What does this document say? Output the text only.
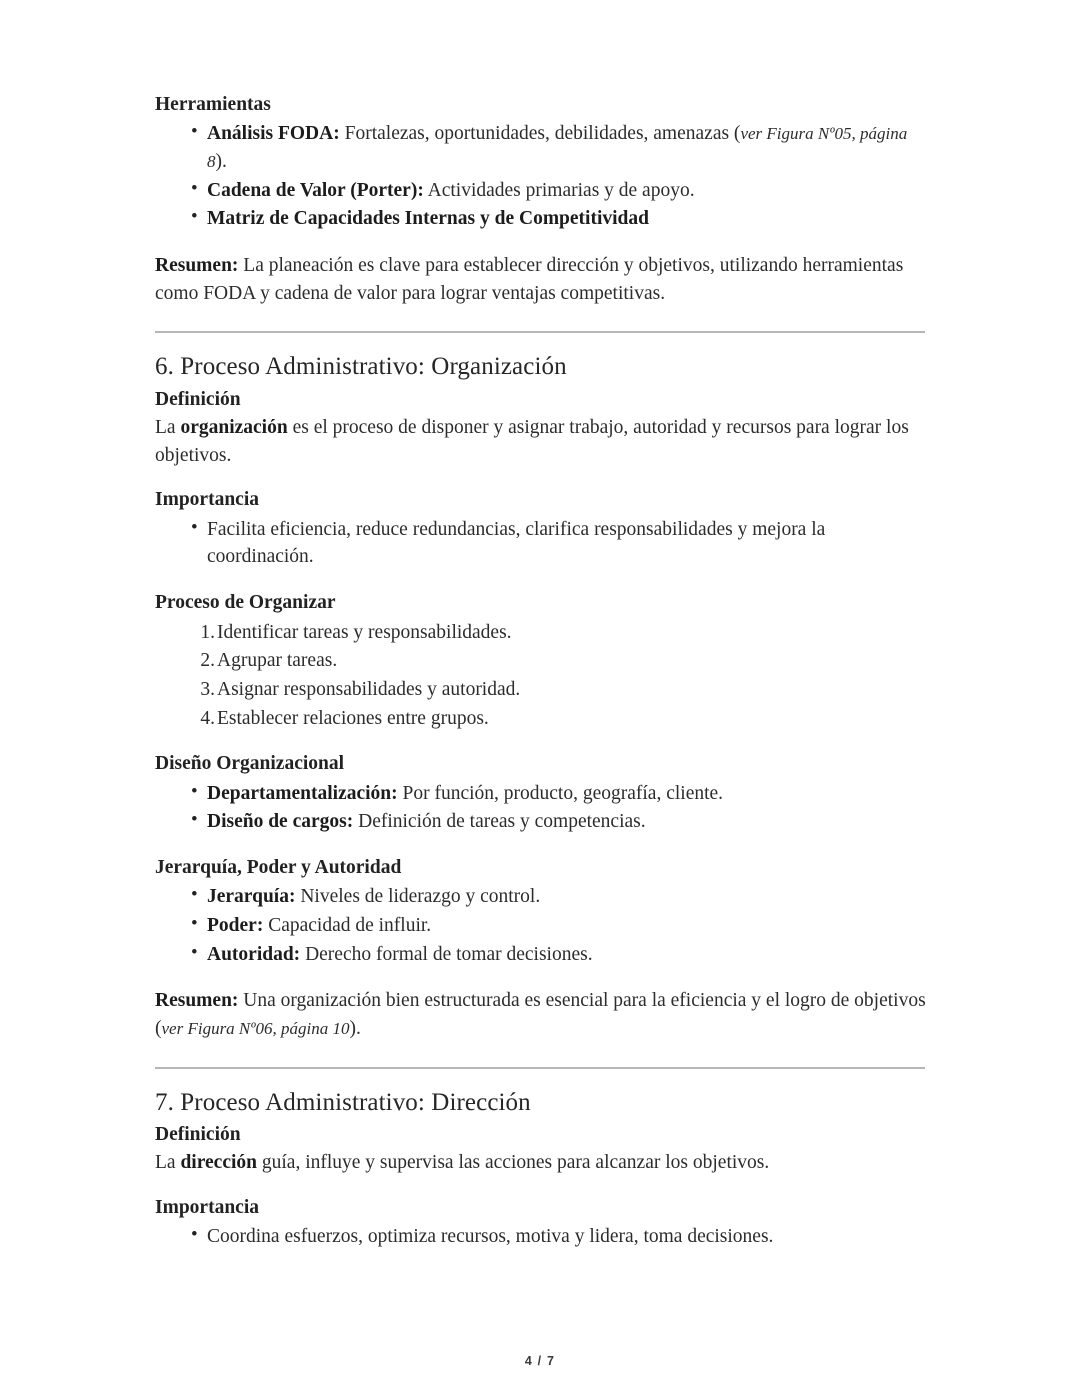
Herramientas
• Análisis FODA: Fortalezas, oportunidades, debilidades, amenazas (ver Figura Nº05, página 8).
• Cadena de Valor (Porter): Actividades primarias y de apoyo.
• Matriz de Capacidades Internas y de Competitividad

Resumen: La planeación es clave para establecer dirección y objetivos, utilizando herramientas como FODA y cadena de valor para lograr ventajas competitivas.

6. Proceso Administrativo: Organización
Definición

La organización es el proceso de disponer y asignar trabajo, autoridad y recursos para lograr los objetivos.

Importancia
• Facilita eficiencia, reduce redundancias, clarifica responsabilidades y mejora la coordinación.
Proceso de Organizar
Identificar tareas y responsabilidades.
Agrupar tareas.
Asignar responsabilidades y autoridad.
Establecer relaciones entre grupos.
Diseño Organizacional
• Departamentalización: Por función, producto, geografía, cliente.
• Diseño de cargos: Definición de tareas y competencias.
Jerarquía, Poder y Autoridad
• Jerarquía: Niveles de liderazgo y control.
• Poder: Capacidad de influir.
• Autoridad: Derecho formal de tomar decisiones.

Resumen: Una organización bien estructurada es esencial para la eficiencia y el logro de objetivos (ver Figura Nº06, página 10).

7. Proceso Administrativo: Dirección
Definición

La dirección guía, influye y supervisa las acciones para alcanzar los objetivos.

Importancia
• Coordina esfuerzos, optimiza recursos, motiva y lidera, toma decisiones.
4 / 7
